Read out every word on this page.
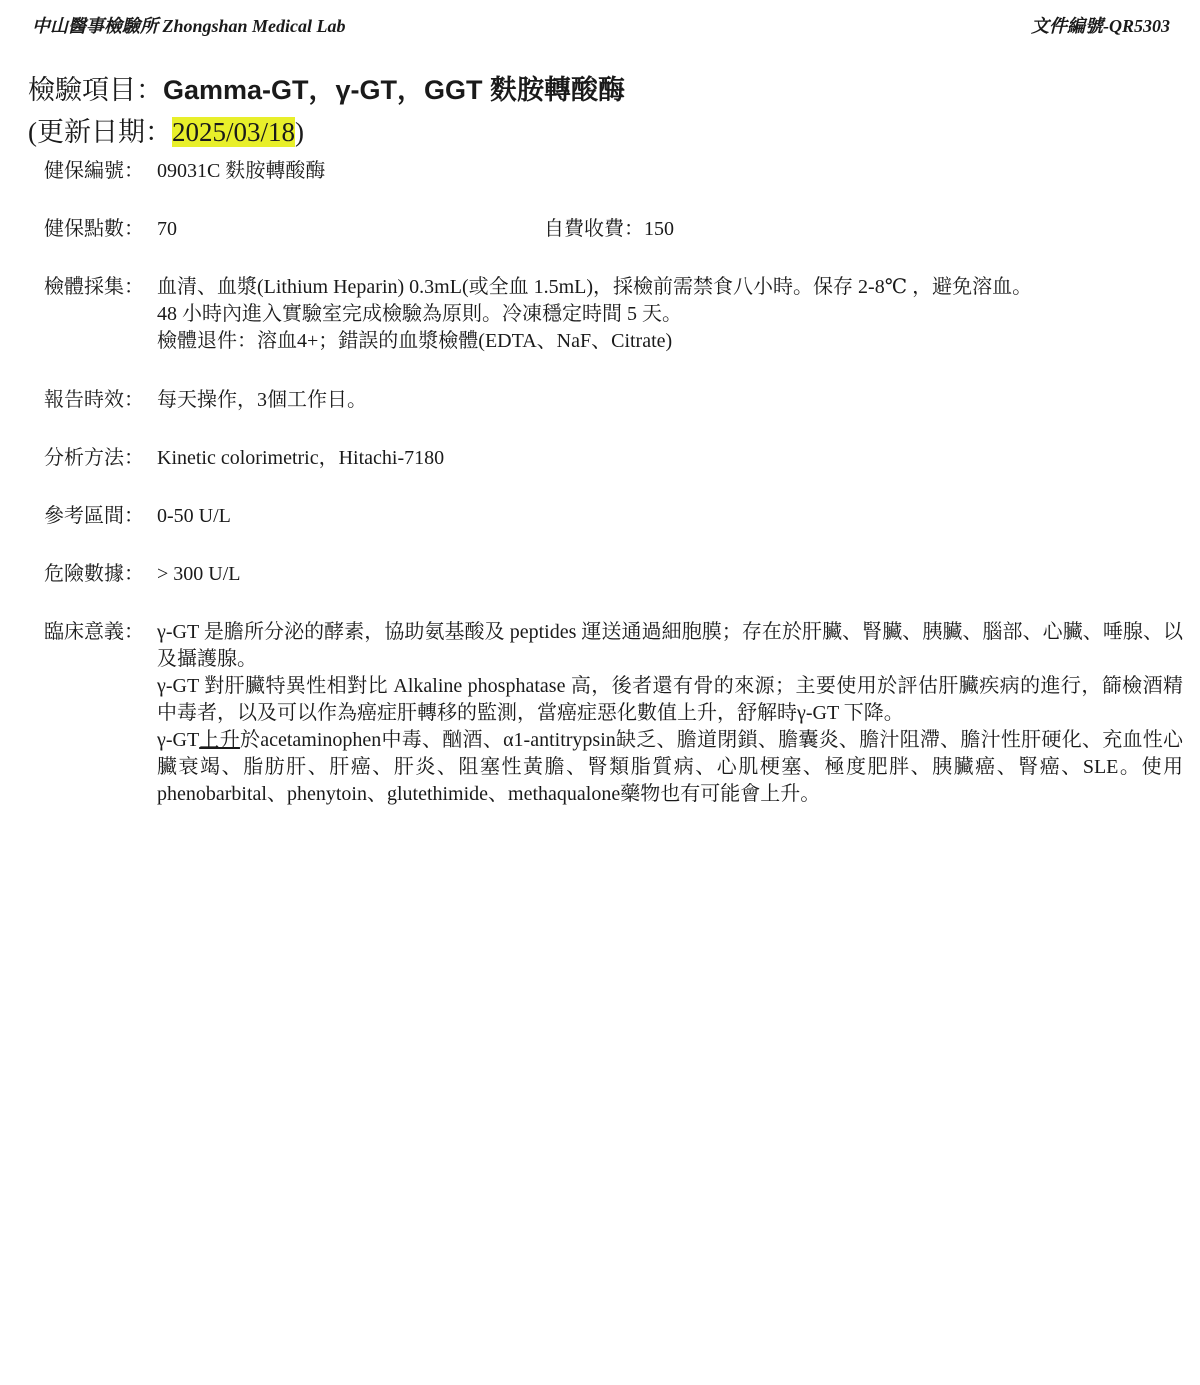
中山醫事檢驗所 Zhongshan Medical Lab	文件編號-QR5303
檢驗項目：Gamma-GT，γ-GT，GGT 麩胺轉酸酶
(更新日期：2025/03/18)
健保編號： 09031C 麩胺轉酸酶
健保點數： 70	自費收費：150
檢體採集： 血清、血漿(Lithium Heparin) 0.3mL(或全血 1.5mL)，採檢前需禁食八小時。保存 2-8℃ ，避免溶血。
48 小時內進入實驗室完成檢驗為原則。冷凍穩定時間 5 天。
檢體退件：溶血4+；錯誤的血漿檢體(EDTA、NaF、Citrate)
報告時效： 每天操作，3個工作日。
分析方法： Kinetic colorimetric，Hitachi-7180
參考區間： 0-50 U/L
危險數據： > 300 U/L
臨床意義： γ-GT 是膽所分泌的酵素，協助氨基酸及 peptides 運送通過細胞膜；存在於肝臟、腎臟、胰臟、腦部、心臟、唾腺、以及攝護腺。

γ-GT 對肝臟特異性相對比 Alkaline phosphatase 高，後者還有骨的來源；主要使用於評估肝臟疾病的進行，篩檢酒精中毒者，以及可以作為癌症肝轉移的監測，當癌症惡化數值上升，舒解時γ-GT 下降。

γ-GT上升於acetaminophen中毒、酗酒、α1-antitrypsin缺乏、膽道閉鎖、膽囊炎、膽汁阻滯、膽汁性肝硬化、充血性心臟衰竭、脂肪肝、肝癌、肝炎、阻塞性黃膽、腎類脂質病、心肌梗塞、極度肥胖、胰臟癌、腎癌、SLE。使用phenobarbital、phenytoin、glutethimide、methaqualone藥物也有可能會上升。
